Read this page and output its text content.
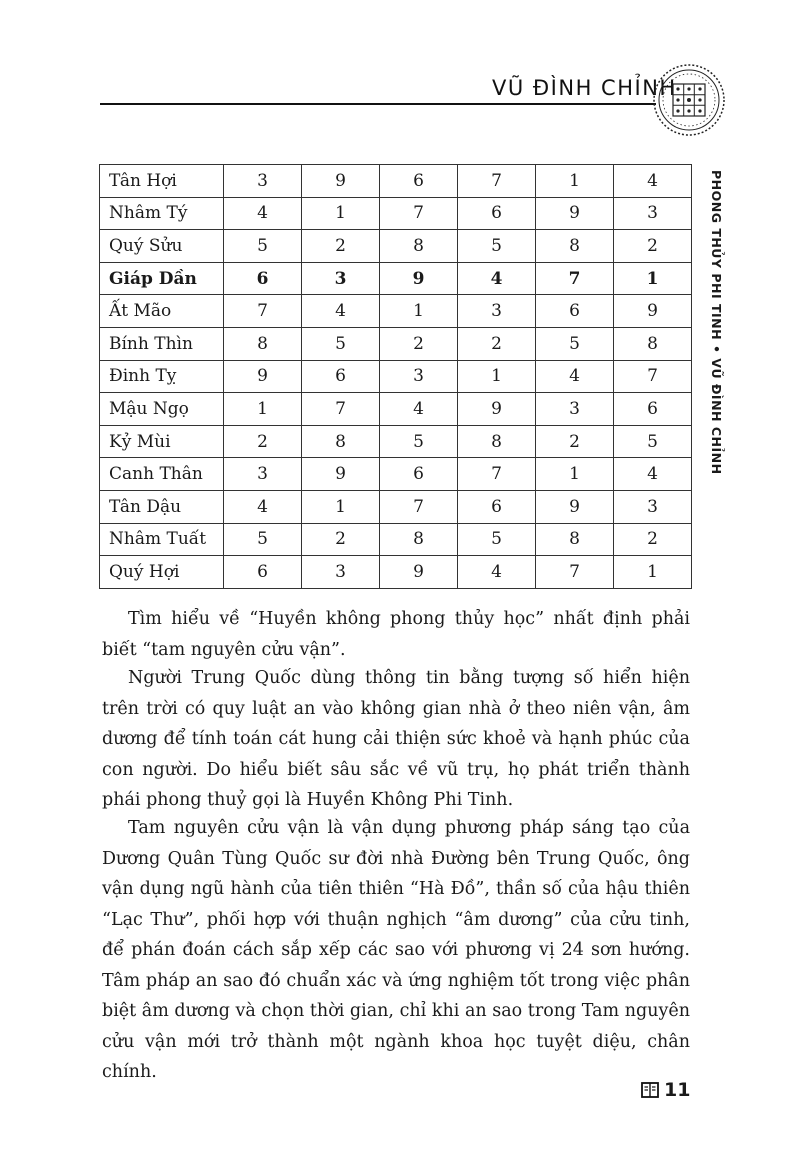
VŨ ĐÌNH CHỈNH
PHONG THỦY PHI TINH • VŨ ĐÌNH CHỈNH
Tân Hợi	3	9	6	7	1	4
Nhâm Tý	4	1	7	6	9	3
Quý Sửu	5	2	8	5	8	2
Giáp Dần	6	3	9	4	7	1
Ất Mão	7	4	1	3	6	9
Bính Thìn	8	5	2	2	5	8
Đinh Tỵ	9	6	3	1	4	7
Mậu Ngọ	1	7	4	9	3	6
Kỷ Mùi	2	8	5	8	2	5
Canh Thân	3	9	6	7	1	4
Tân Dậu	4	1	7	6	9	3
Nhâm Tuất	5	2	8	5	8	2
Quý Hợi	6	3	9	4	7	1

Tìm hiểu về “Huyền không phong thủy học” nhất định phải biết “tam nguyên cửu vận”.

Người Trung Quốc dùng thông tin bằng tượng số hiển hiện trên trời có quy luật an vào không gian nhà ở theo niên vận, âm dương để tính toán cát hung cải thiện sức khoẻ và hạnh phúc của con người. Do hiểu biết sâu sắc về vũ trụ, họ phát triển thành phái phong thuỷ gọi là Huyền Không Phi Tinh.

Tam nguyên cửu vận là vận dụng phương pháp sáng tạo của Dương Quân Tùng Quốc sư đời nhà Đường bên Trung Quốc, ông vận dụng ngũ hành của tiên thiên “Hà Đồ”, thần số của hậu thiên “Lạc Thư”, phối hợp với thuận nghịch “âm dương” của cửu tinh, để phán đoán cách sắp xếp các sao với phương vị 24 sơn hướng. Tâm pháp an sao đó chuẩn xác và ứng nghiệm tốt trong việc phân biệt âm dương và chọn thời gian, chỉ khi an sao trong Tam nguyên cửu vận mới trở thành một ngành khoa học tuyệt diệu, chân chính.

11
